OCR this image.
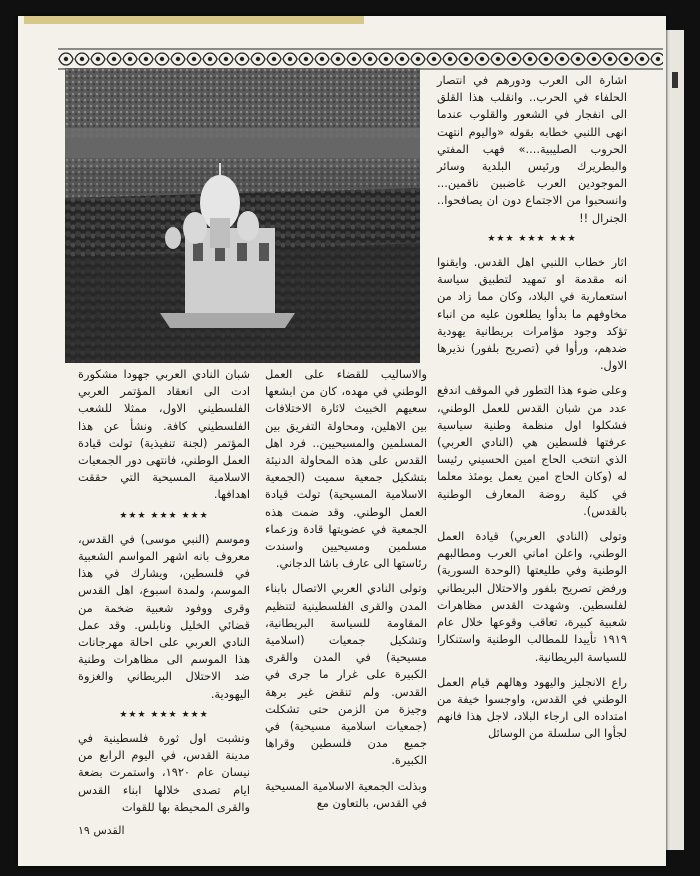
اشارة الى العرب ودورهم في انتصار الحلفاء في الحرب.. وانقلب هذا القلق الى انفجار في الشعور والقلوب عندما انهى اللنبي خطابه بقوله «واليوم انتهت الحروب الصليبية....» فهب المفتي والبطريرك ورئيس البلدية وسائر الموجودين العرب غاضبين ناقمين... وانسحبوا من الاجتماع دون ان يصافحوا.. الجنرال !!

★★★ ★★★ ★★★

اثار خطاب اللنبي اهل القدس. وايقنوا انه مقدمة او تمهيد لتطبيق سياسة استعمارية في البلاد، وكان مما زاد من مخاوفهم ما بدأوا يطلعون عليه من انباء تؤكد وجود مؤامرات بريطانية يهودية ضدهم، ورأوا في (تصريح بلفور) نذيرها الاول.

وعلى ضوء هذا التطور في الموقف اندفع عدد من شبان القدس للعمل الوطني، فشكلوا اول منظمة وطنية سياسية عرفتها فلسطين هي (النادي العربي) الذي انتخب الحاج امين الحسيني رئيسا له (وكان الحاج امين يعمل يومئذ معلما في كلية روضة المعارف الوطنية بالقدس).

وتولى (النادي العربي) قيادة العمل الوطني، واعلن اماني العرب ومطالبهم الوطنية وفي طليعتها (الوحدة السورية) ورفض تصريح بلفور والاحتلال البريطاني لفلسطين. وشهدت القدس مظاهرات شعبية كبيرة، تعاقب وقوعها خلال عام ١٩١٩ تأييدا للمطالب الوطنية واستنكارا للسياسة البريطانية.

راع الانجليز واليهود وهالهم قيام العمل الوطني في القدس، واوجسوا خيفة من امتداده الى ارجاء البلاد، لاجل هذا فانهم لجأوا الى سلسلة من الوسائل

والاساليب للقضاء على العمل الوطني في مهده، كان من ابشعها سعيهم الخبيث لاثارة الاختلافات بين الاهلين، ومحاولة التفريق بين المسلمين والمسيحيين.. فرد اهل القدس على هذه المحاولة الدنيئة بتشكيل جمعية سميت (الجمعية الاسلامية المسيحية) تولت قيادة العمل الوطني. وقد ضمت هذه الجمعية في عضويتها قادة وزعماء مسلمين ومسيحيين واسندت رئاستها الى عارف باشا الدجاني.

وتولى النادي العربي الاتصال بابناء المدن والقرى الفلسطينية لتنظيم المقاومة للسياسة البريطانية، وتشكيل جمعيات (اسلامية مسيحية) في المدن والقرى الكبيرة على غرار ما جرى في القدس. ولم تنقض غير برهة وجيزة من الزمن حتى تشكلت (جمعيات اسلامية مسيحية) في جميع مدن فلسطين وقراها الكبيرة.

وبذلت الجمعية الاسلامية المسيحية في القدس، بالتعاون مع

شبان النادي العربي جهودا مشكورة ادت الى انعقاد المؤتمر العربي الفلسطيني الاول، ممثلا للشعب الفلسطيني كافة. ونشأ عن هذا المؤتمر (لجنة تنفيذية) تولت قيادة العمل الوطني، فانتهى دور الجمعيات الاسلامية المسيحية التي حققت اهدافها.

★★★ ★★★ ★★★

وموسم (النبي موسى) في القدس، معروف بانه اشهر المواسم الشعبية في فلسطين، ويشارك في هذا الموسم، ولمدة اسبوع، اهل القدس وقرى ووفود شعبية ضخمة من قضائي الخليل ونابلس. وقد عمل النادي العربي على احالة مهرجانات هذا الموسم الى مظاهرات وطنية ضد الاحتلال البريطاني والغزوة اليهودية.

★★★ ★★★ ★★★

ونشبت اول ثورة فلسطينية في مدينة القدس، في اليوم الرابع من نيسان عام ١٩٢٠، واستمرت بضعة ايام تصدى خلالها ابناء القدس والقرى المحيطة بها للقوات

القدس ١٩
